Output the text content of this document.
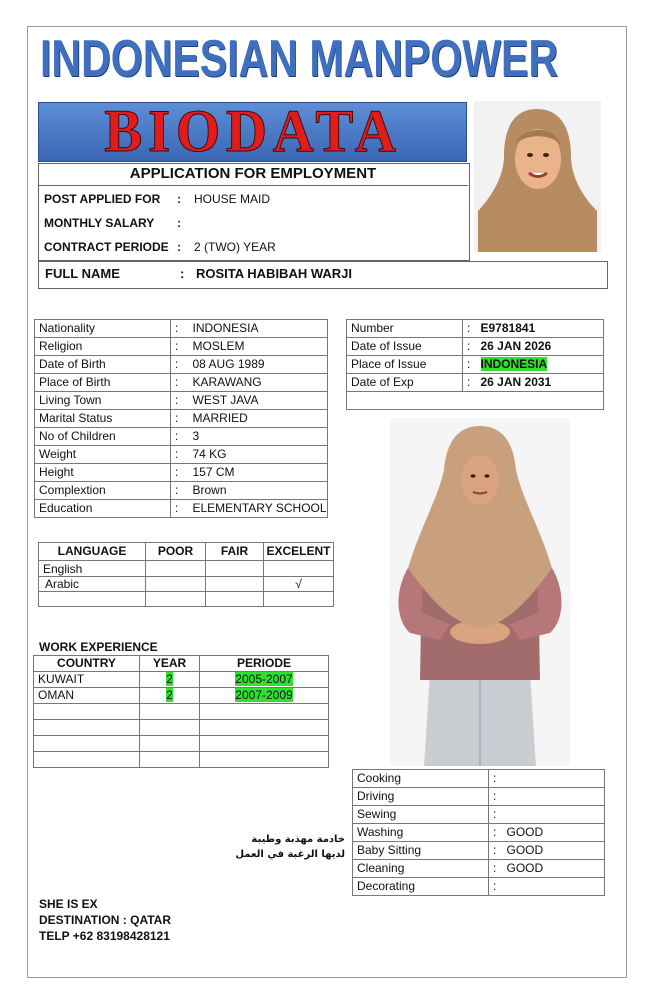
INDONESIAN MANPOWER
BIODATA
APPLICATION FOR EMPLOYMENT
POST APPLIED FOR : HOUSE MAID
MONTHLY SALARY :
CONTRACT PERIODE : 2 (TWO) YEAR
FULL NAME	: ROSITA HABIBAH WARJI
Nationality	:	INDONESIA
Religion	:	MOSLEM
Date of Birth	:	08 AUG 1989
Place of Birth	:	KARAWANG
Living Town	:	WEST JAVA
Marital Status	:	MARRIED
No of Children	:	3
Weight	:	74 KG
Height	:	157 CM
Complextion	:	Brown
Education	:	ELEMENTARY SCHOOL
Number	:	E9781841
Date of Issue	:	26 JAN 2026
Place of Issue	:	INDONESIA
Date of Exp	:	26 JAN 2031

LANGUAGE	POOR	FAIR	EXCELENT
English			
Arabic			√

WORK EXPERIENCE
COUNTRY	YEAR	PERIODE
KUWAIT	2	2005-2007
OMAN	2	2007-2009

Cooking	:	
Driving	:	
Sewing	:	
Washing	:	GOOD
Baby Sitting	:	GOOD
Cleaning	:	GOOD
Decorating	:	
خادمة مهذبة وطيبة
لديها الرغبة في العمل
SHE IS EX
DESTINATION : QATAR
TELP +62 83198428121
